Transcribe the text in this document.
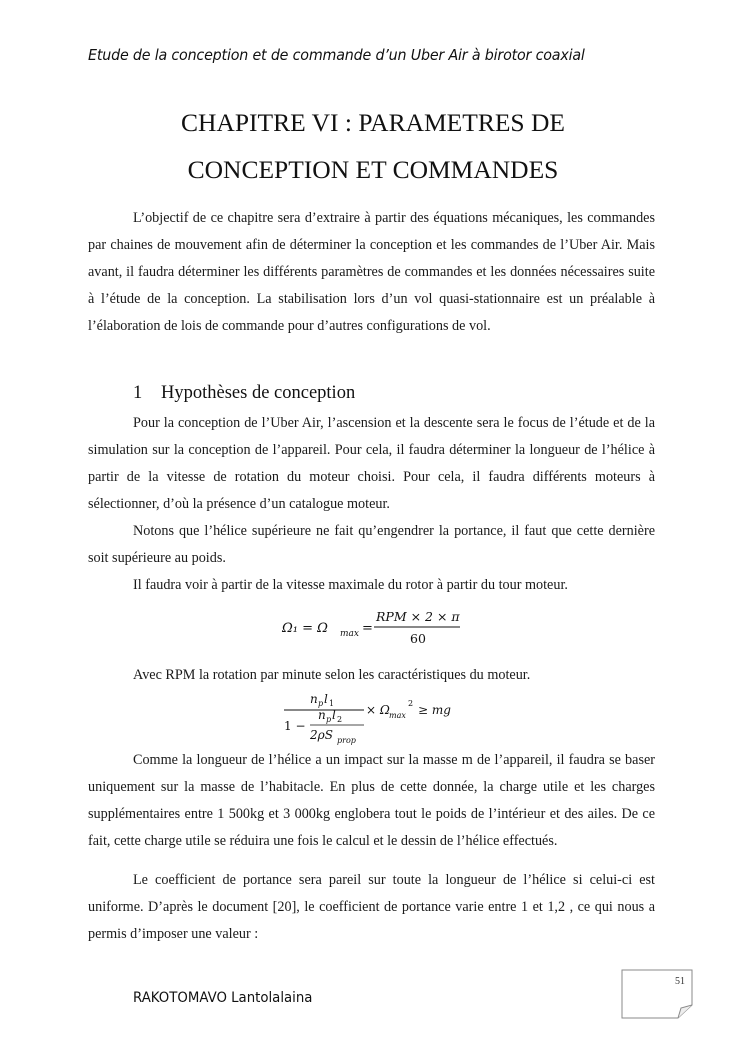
Etude de la conception et de commande d’un Uber Air à birotor coaxial
CHAPITRE VI : PARAMETRES DE
CONCEPTION ET COMMANDES

L’objectif de ce chapitre sera d’extraire à partir des équations mécaniques, les commandes par chaines de mouvement afin de déterminer la conception et les commandes de l’Uber Air. Mais avant, il faudra déterminer les différents paramètres de commandes et les données nécessaires suite à l’étude de la conception. La stabilisation lors d’un vol quasi-stationnaire est un préalable à l’élaboration de lois de commande pour d’autres configurations de vol.

1 Hypothèses de conception

Pour la conception de l’Uber Air, l’ascension et la descente sera le focus de l’étude et de la simulation sur la conception de l’appareil. Pour cela, il faudra déterminer la longueur de l’hélice à partir de la vitesse de rotation du moteur choisi. Pour cela, il faudra différents moteurs à sélectionner, d’où la présence d’un catalogue moteur.

Notons que l’hélice supérieure ne fait qu’engendrer la portance, il faut que cette dernière soit supérieure au poids.

Il faudra voir à partir de la vitesse maximale du rotor à partir du tour moteur.

Ω₁ = Ω max =
RPM × 2 × π
60

Avec RPM la rotation par minute selon les caractéristiques du moteur.

n p l 1
1 −
n p l 2
2ρS prop
× Ω max
2 ≥ mg

Comme la longueur de l’hélice a un impact sur la masse m de l’appareil, il faudra se baser uniquement sur la masse de l’habitacle. En plus de cette donnée, la charge utile et les charges supplémentaires entre 1 500kg et 3 000kg englobera tout le poids de l’intérieur et des ailes. De ce fait, cette charge utile se réduira une fois le calcul et le dessin de l’hélice effectués.

Le coefficient de portance sera pareil sur toute la longueur de l’hélice si celui-ci est uniforme. D’après le document [20], le coefficient de portance varie entre 1 et 1,2 , ce qui nous a permis d’imposer une valeur :

51
RAKOTOMAVO Lantolalaina
